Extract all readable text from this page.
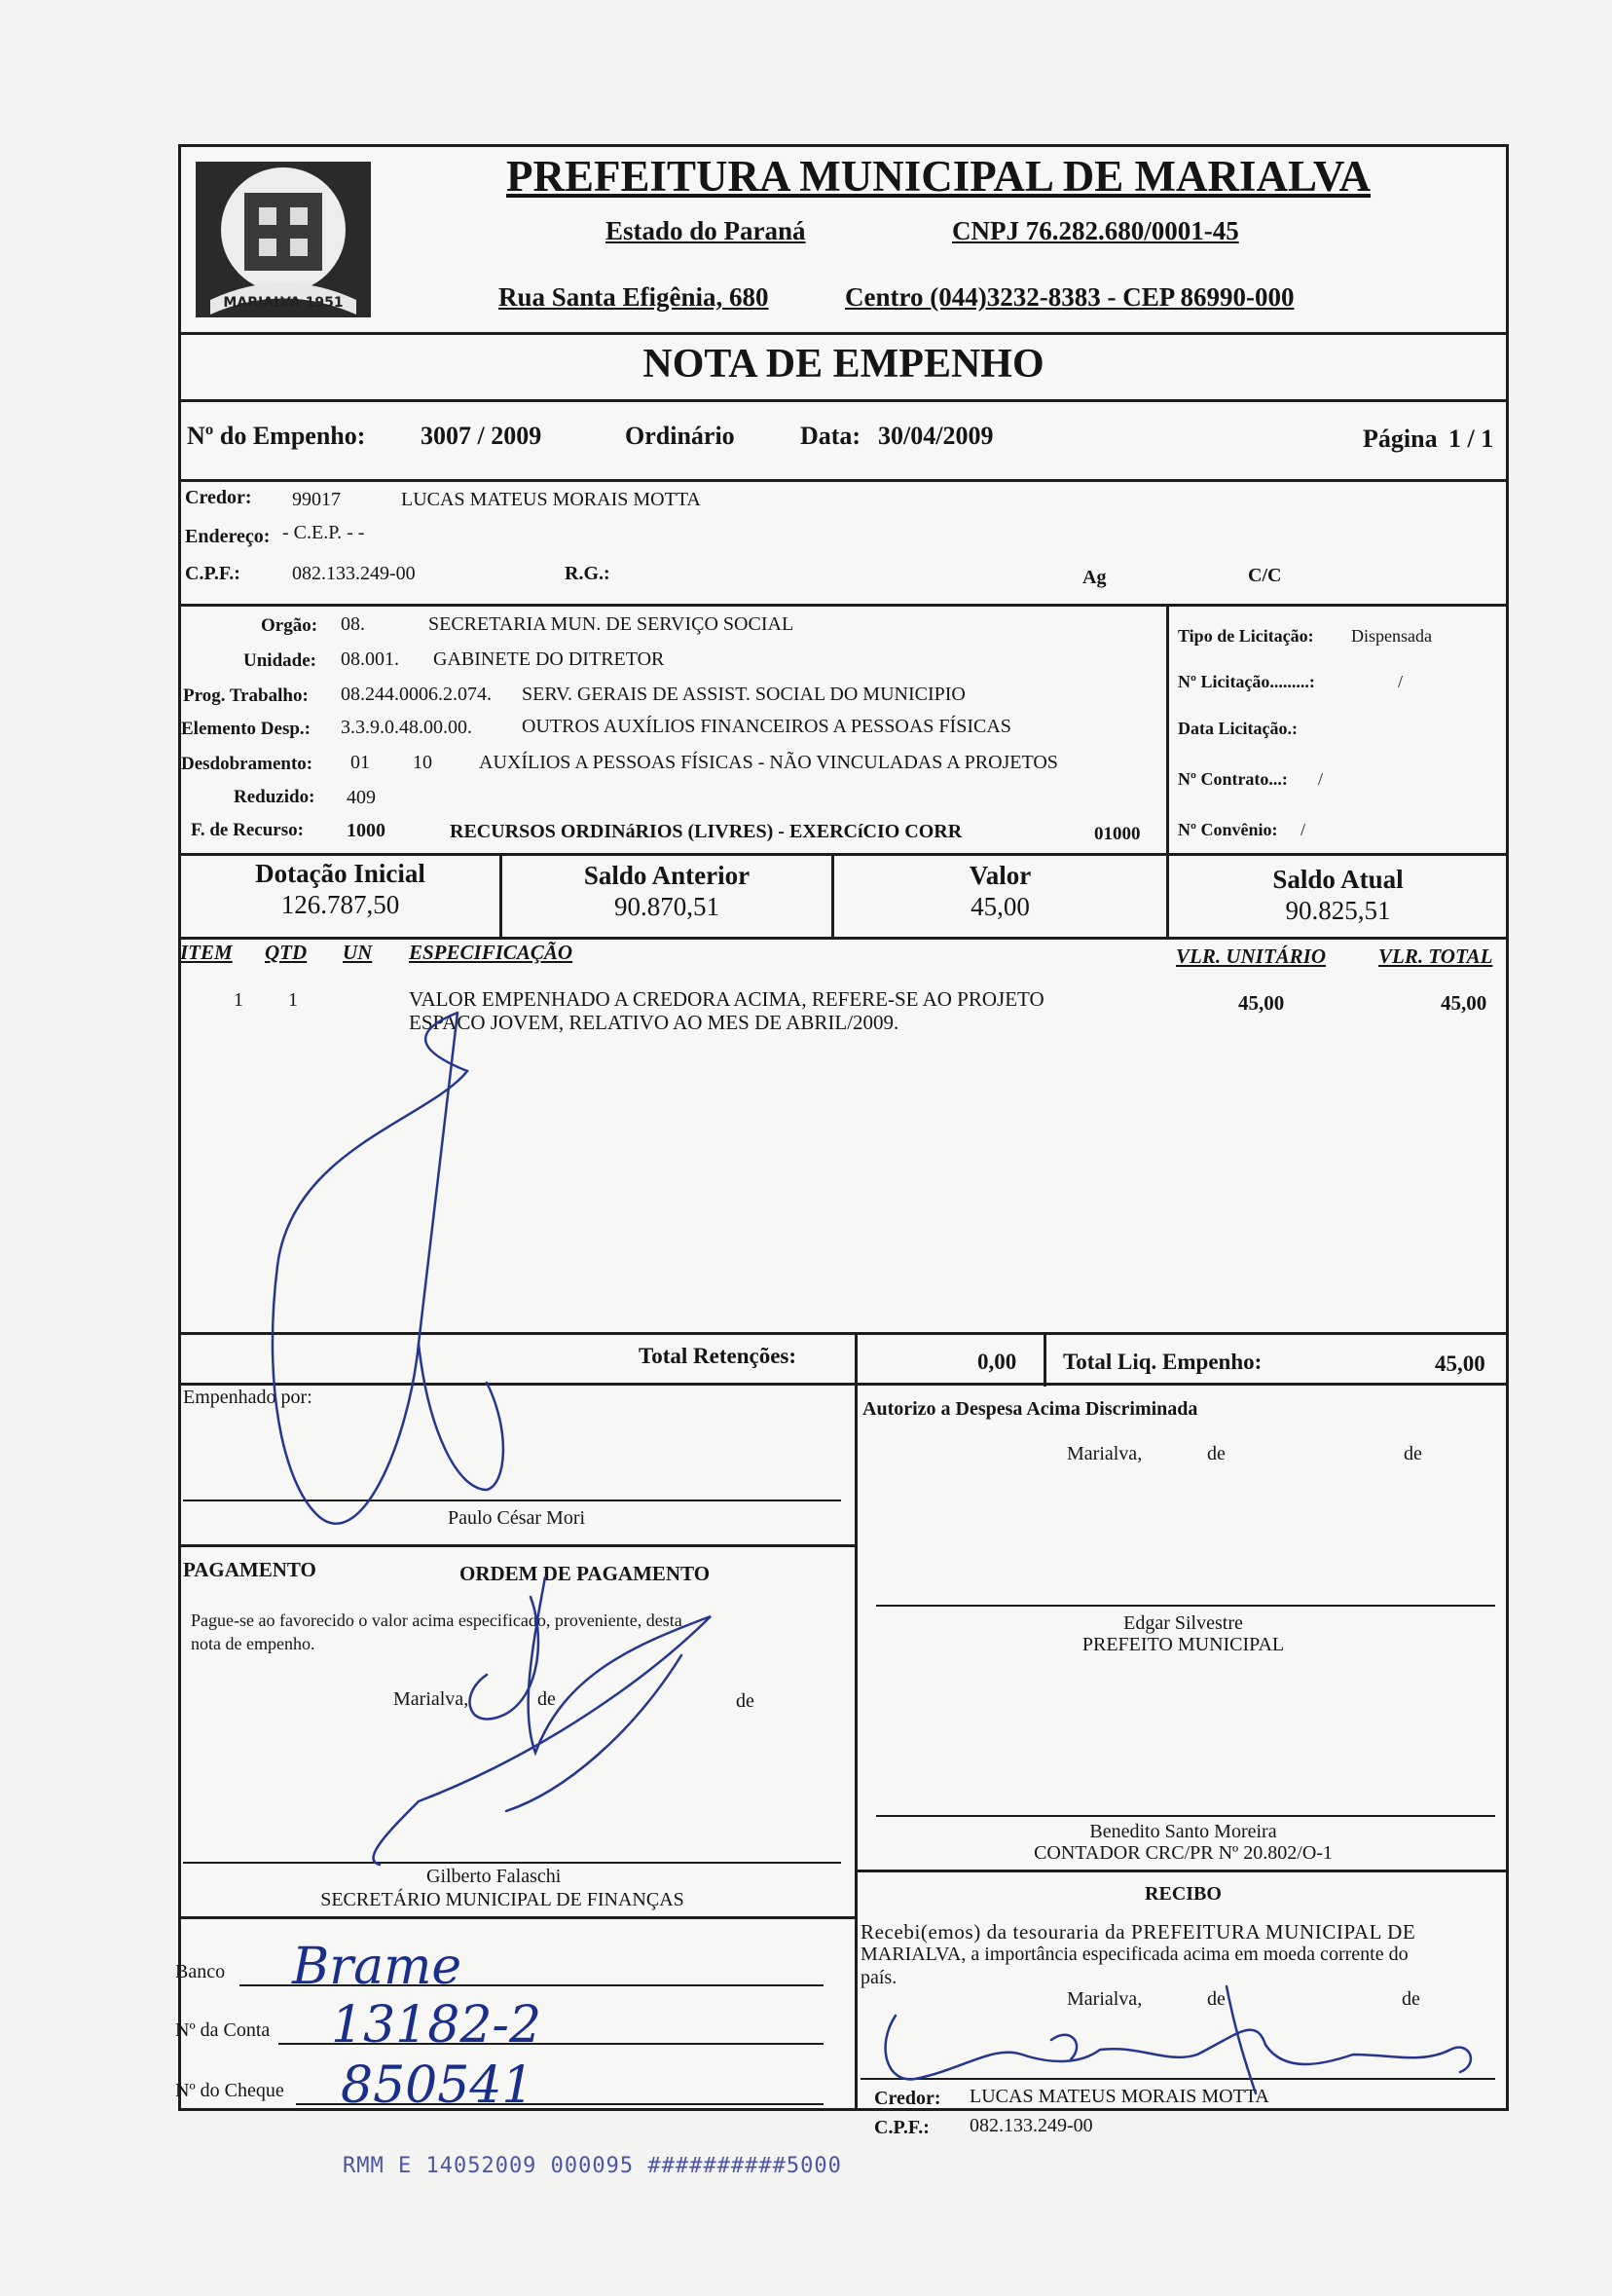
MARIALVA 1951
PREFEITURA MUNICIPAL DE MARIALVA
Estado do Paraná	CNPJ 76.282.680/0001-45
Rua Santa Efigênia, 680	Centro (044)3232-8383 - CEP 86990-000
NOTA DE EMPENHO
Nº do Empenho: 3007 / 2009	Ordinário	Data: 30/04/2009	Página 1 / 1
Credor: 99017	LUCAS MATEUS MORAIS MOTTA
Endereço: - C.E.P. - -
C.P.F.:	082.133.249-00	R.G.:	Ag	C/C
Orgão: 08.	SECRETARIA MUN. DE SERVIÇO SOCIAL
Unidade: 08.001. GABINETE DO DITRETOR
Prog. Trabalho: 08.244.0006.2.074. SERV. GERAIS DE ASSIST. SOCIAL DO MUNICIPIO
Elemento Desp.: 3.3.9.0.48.00.00.	OUTROS AUXÍLIOS FINANCEIROS A PESSOAS FÍSICAS
Desdobramento: 01 10 AUXÍLIOS A PESSOAS FÍSICAS - NÃO VINCULADAS A PROJETOS
Reduzido: 409
F. de Recurso: 1000	RECURSOS ORDINáRIOS (LIVRES) - EXERCíCIO CORR	01000
Tipo de Licitação: Dispensada
Nº Licitação.........:	/
Data Licitação.:
Nº Contrato...: /
Nº Convênio: /
Dotação Inicial
126.787,50
Saldo Anterior
90.870,51
Valor
45,00
Saldo Atual
90.825,51
ITEM QTD UN ESPECIFICAÇÃO	VLR. UNITÁRIO	VLR. TOTAL
1 1	VALOR EMPENHADO A CREDORA ACIMA, REFERE-SE AO PROJETO
ESPACO JOVEM, RELATIVO AO MES DE ABRIL/2009.
45,00	45,00
Total Retenções:	0,00 Total Liq. Empenho:	45,00
Empenhado por:
Paulo César Mori
Autorizo a Despesa Acima Discriminada
Marialva,	de	de
Edgar Silvestre
PREFEITO MUNICIPAL
PAGAMENTO	ORDEM DE PAGAMENTO
Pague-se ao favorecido o valor acima especificado, proveniente, desta
nota de empenho.
Marialva,	de	de
Gilberto Falaschi
SECRETÁRIO MUNICIPAL DE FINANÇAS
Benedito Santo Moreira
CONTADOR CRC/PR Nº 20.802/O-1
RECIBO
Recebi(emos) da tesouraria da PREFEITURA MUNICIPAL DE
MARIALVA, a importância especificada acima em moeda corrente do
país.
Marialva,	de	de
Credor: LUCAS MATEUS MORAIS MOTTA
C.P.F.: 082.133.249-00
Banco Brame
Nº da Conta 13182-2
Nº do Cheque 850541
RMM E 14052009 000095 ##########5000
